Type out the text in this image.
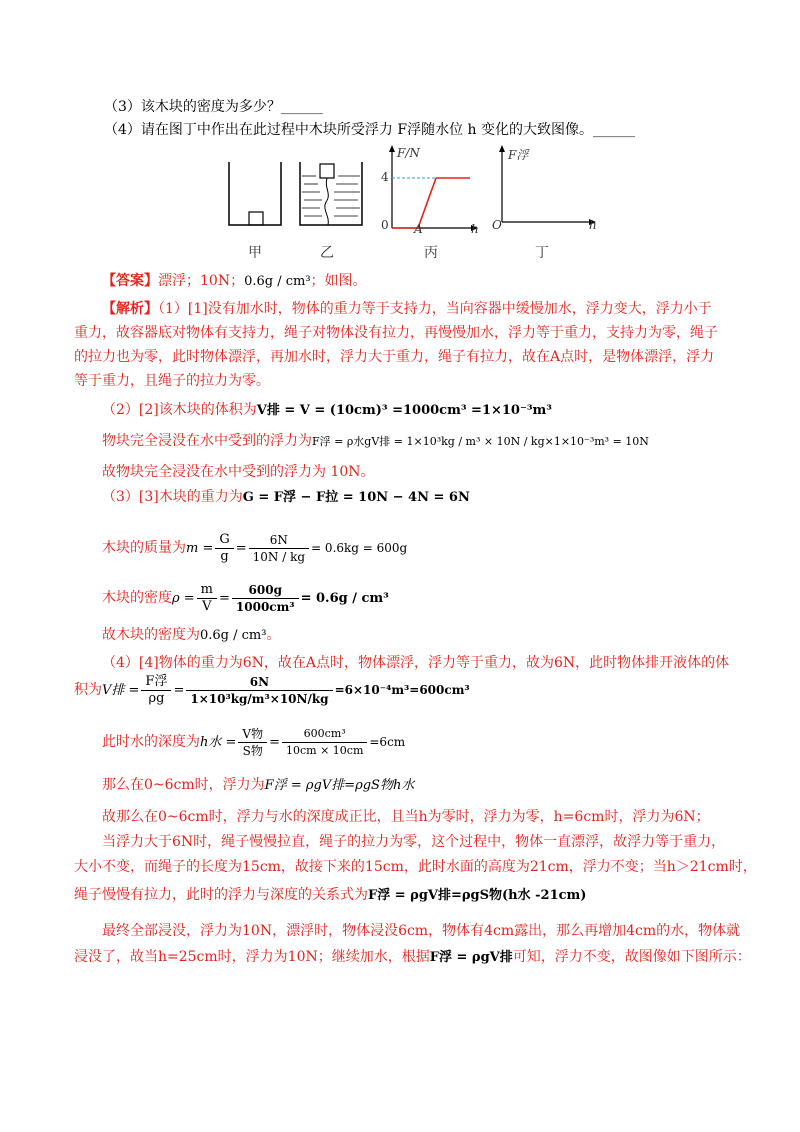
（3）该木块的密度为多少？______
（4）请在图丁中作出在此过程中木块所受浮力 F浮随水位 h 变化的大致图像。______
甲	乙
F/N
4
0 A	h
丙
F浮
O	h
丁
【答案】漂浮；10N；0.6g / cm³；如图。
【解析】（1）[1]没有加水时，物体的重力等于支持力，当向容器中缓慢加水，浮力变大，浮力小于
重力，故容器底对物体有支持力，绳子对物体没有拉力，再慢慢加水，浮力等于重力，支持力为零，绳子
的拉力也为零，此时物体漂浮，再加水时，浮力大于重力，绳子有拉力，故在A点时，是物体漂浮，浮力
等于重力，且绳子的拉力为零。
（2）[2]该木块的体积为V排 = V = (10cm)³ =1000cm³ =1×10⁻³m³
物块完全浸没在水中受到的浮力为F浮 = ρ水gV排 = 1×10³kg / m³ × 10N / kg×1×10⁻³m³ = 10N
故物块完全浸没在水中受到的浮力为 10N。
（3）[3]木块的重力为G = F浮 − F拉 = 10N − 4N = 6N
木块的质量为$m = \frac{G}{g} = \frac{6N}{10N / kg} = 0.6kg = 600g$
木块的密度$\rho = \frac{m}{V} = \frac{600g}{\text{1000cm³}} = 0.6g / cm^3$
故木块的密度为0.6g / cm³。
（4）[4]物体的重力为6N，故在A点时，物体漂浮，浮力等于重力，故为6N，此时物体排开液体的体
积为V排 = $\frac{\text{F浮}}{\rho g} = \frac{6N}{\text{1×10³kg/m³×10N/kg}} =6\times 10^{-4}m^3=600cm^3$
此时水的深度为h水 = $\frac{\text{V物}}{\text{S物}} = \frac{\text{600cm³}}{10cm \times 10cm} =6cm$
那么在0~6cm时，浮力为F浮 = ρgV排=ρgS物h水
故那么在0~6cm时，浮力与水的深度成正比，且当h为零时，浮力为零，h=6cm时，浮力为6N；
当浮力大于6N时，绳子慢慢拉直，绳子的拉力为零，这个过程中，物体一直漂浮，故浮力等于重力，
大小不变，而绳子的长度为15cm，故接下来的15cm，此时水面的高度为21cm，浮力不变；当h＞21cm时，
绳子慢慢有拉力，此时的浮力与深度的关系式为F浮 = ρgV排=ρgS物(h水 -21cm)
最终全部浸没，浮力为10N，漂浮时，物体浸没6cm，物体有4cm露出，那么再增加4cm的水，物体就
浸没了，故当h=25cm时，浮力为10N；继续加水，根据F浮 = ρgV排可知，浮力不变，故图像如下图所示：
